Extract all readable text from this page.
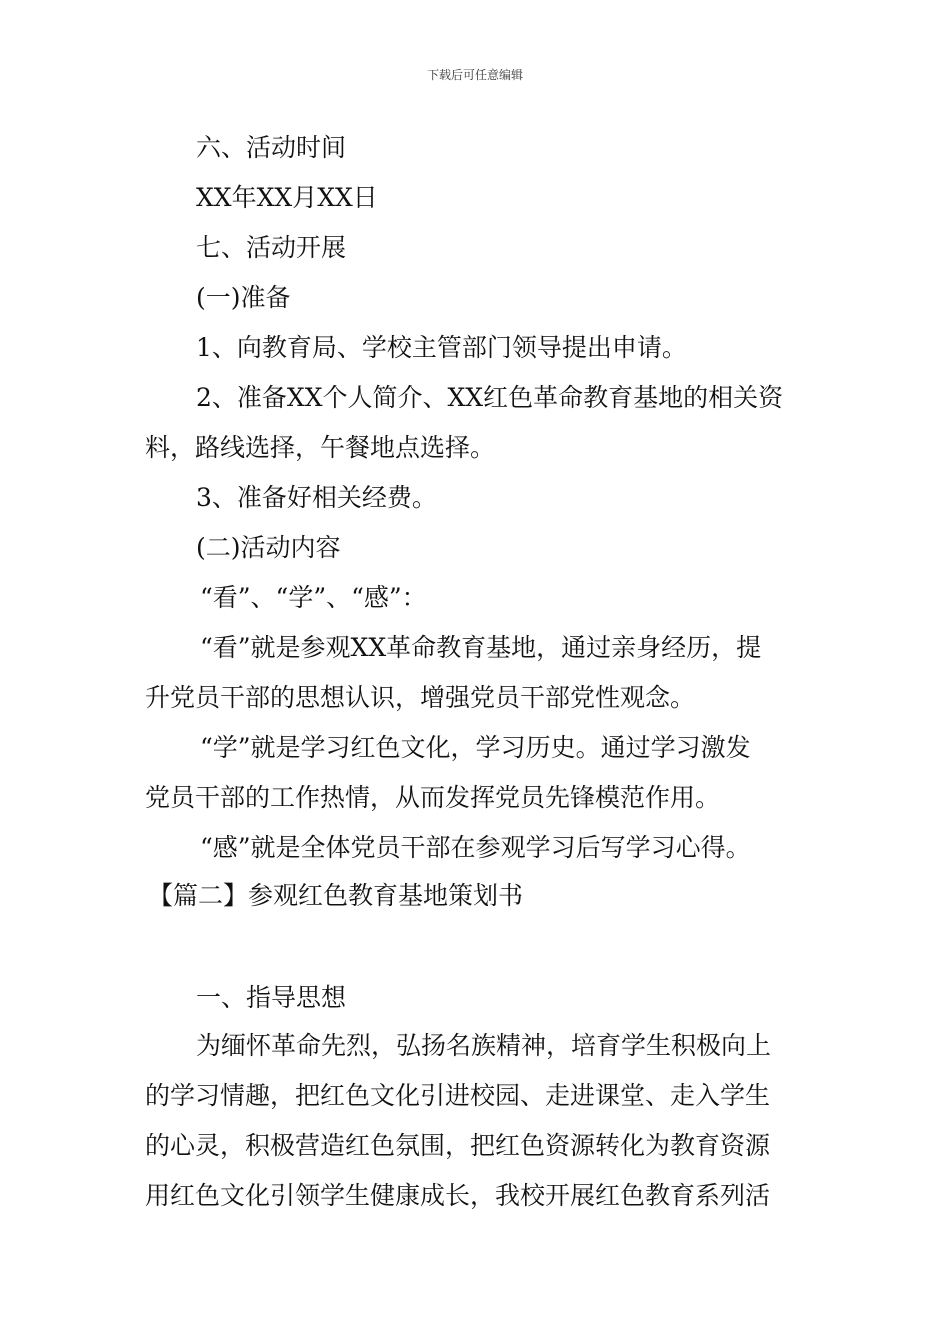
下载后可任意编辑
六、活动时间
XX年XX月XX日
七、活动开展
(一)准备
1、向教育局、学校主管部门领导提出申请。
2、准备XX个人简介、XX红色革命教育基地的相关资
料，路线选择，午餐地点选择。
3、准备好相关经费。
(二)活动内容
“看”、“学”、“感”：
“看”就是参观XX革命教育基地，通过亲身经历，提
升党员干部的思想认识，增强党员干部党性观念。
“学”就是学习红色文化，学习历史。通过学习激发
党员干部的工作热情，从而发挥党员先锋模范作用。
“感”就是全体党员干部在参观学习后写学习心得。
【篇二】参观红色教育基地策划书
一、指导思想
为缅怀革命先烈，弘扬名族精神，培育学生积极向上
的学习情趣，把红色文化引进校园、走进课堂、走入学生
的心灵，积极营造红色氛围，把红色资源转化为教育资源
用红色文化引领学生健康成长，我校开展红色教育系列活
